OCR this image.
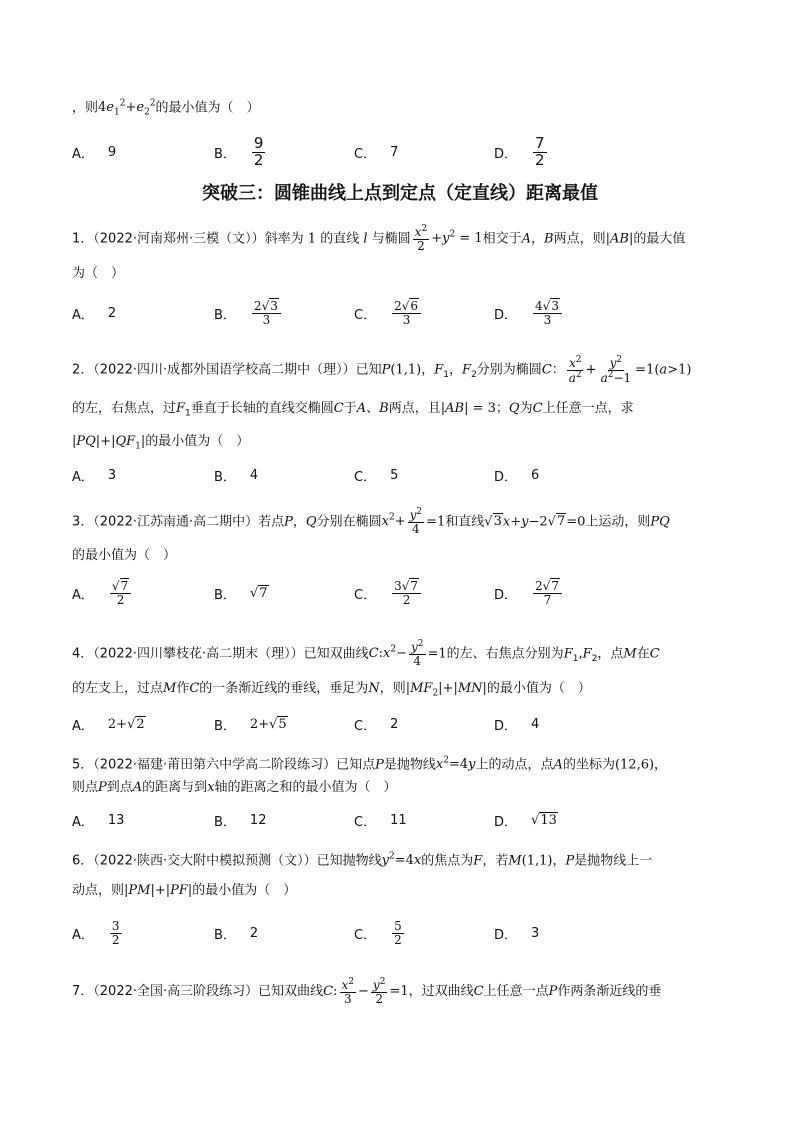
，则$4e_1^2+e_2^2$的最小值为（　）
A． 9	B． $\frac{9}{2}$	C． 7	D． $\frac{7}{2}$
突破三：圆锥曲线上点到定点（定直线）距离最值
1．（2022·河南郑州·三模（文））斜率为 1 的直线 l 与椭圆 $\frac{x^2}{2} +y^2 = 1$相交于A，B两点，则|AB|的最大值
为（　）
A． 2	B． $\frac{2√3}{3}$	C． $\frac{2√6}{3}$	D． $\frac{4√3}{3}$
2．（2022·四川·成都外国语学校高二期中（理））已知P(1,1)，$F_1$，$F_2$分别为椭圆C： $\frac{x^2}{a^2} + \frac{y^2}{a^2-1} =1(a>1)$
的左，右焦点，过$F_1$垂直于长轴的直线交椭圆C于A、B两点，且|AB| = 3；Q为C上任意一点，求
$|PQ|+|QF_1|$的最小值为（　）
A． 3	B． 4	C． 5	D． 6
3．（2022·江苏南通·高二期中）若点P，Q分别在椭圆$x^2+ \frac{y^2}{4} =1$和直线√3x+y−2√7=0上运动，则PQ
的最小值为（　）
A． $\frac{√7}{2}$	B． √7	C． $\frac{3√7}{2}$	D． $\frac{2√7}{7}$
4．（2022·四川攀枝花·高二期末（理））已知双曲线$C:x^2- \frac{y^2}{4} =1$的左、右焦点分别为$F_1,F_2$，点M在C
的左支上，过点M作C的一条渐近线的垂线，垂足为N，则$|MF_2|+|MN|$的最小值为（　）
A． 2+√2	B． 2+√5	C． 2	D． 4
5．（2022·福建·莆田第六中学高二阶段练习）已知点P是抛物线$x^2=4y$上的动点，点A的坐标为(12,6)，
则点P到点A的距离与到x轴的距离之和的最小值为（　）
A． 13	B． 12	C． 11	D． √13
6．（2022·陕西·交大附中模拟预测（文））已知抛物线$y^2=4x$的焦点为F，若M(1,1)，P是抛物线上一
动点，则|PM|+|PF|的最小值为（　）
A． $\frac{3}{2}$	B． 2	C． $\frac{5}{2}$	D． 3
7．（2022·全国·高三阶段练习）已知双曲线C: $\frac{x^2}{3} - \frac{y^2}{2} =1$，过双曲线C上任意一点P作两条渐近线的垂
